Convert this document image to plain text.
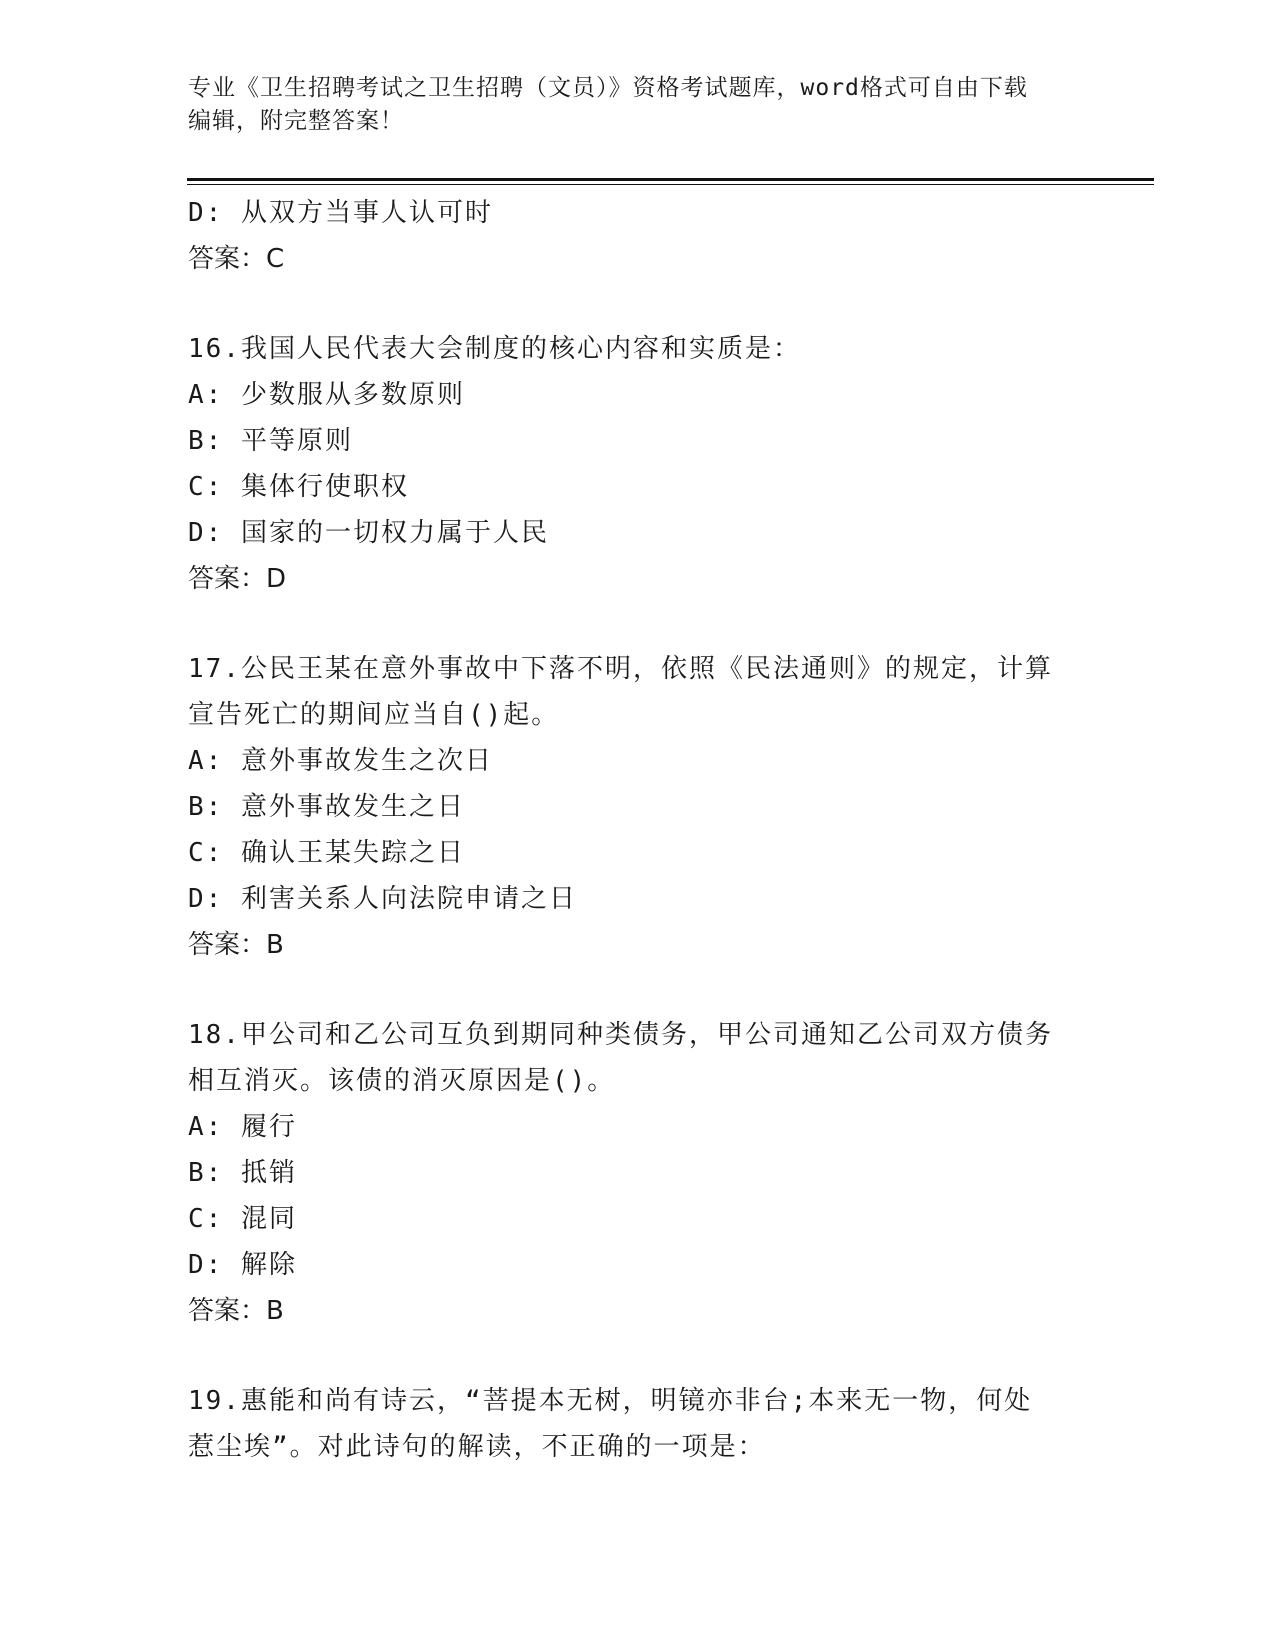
专业《卫生招聘考试之卫生招聘（文员）》资格考试题库，word格式可自由下载
编辑，附完整答案！
D: 从双方当事人认可时
答案：C
16.我国人民代表大会制度的核心内容和实质是：
A: 少数服从多数原则
B: 平等原则
C: 集体行使职权
D: 国家的一切权力属于人民
答案：D
17.公民王某在意外事故中下落不明，依照《民法通则》的规定，计算
宣告死亡的期间应当自()起。
A: 意外事故发生之次日
B: 意外事故发生之日
C: 确认王某失踪之日
D: 利害关系人向法院申请之日
答案：B
18.甲公司和乙公司互负到期同种类债务，甲公司通知乙公司双方债务
相互消灭。该债的消灭原因是()。
A: 履行
B: 抵销
C: 混同
D: 解除
答案：B
19.惠能和尚有诗云，“菩提本无树，明镜亦非台;本来无一物，何处
惹尘埃”。对此诗句的解读，不正确的一项是：
